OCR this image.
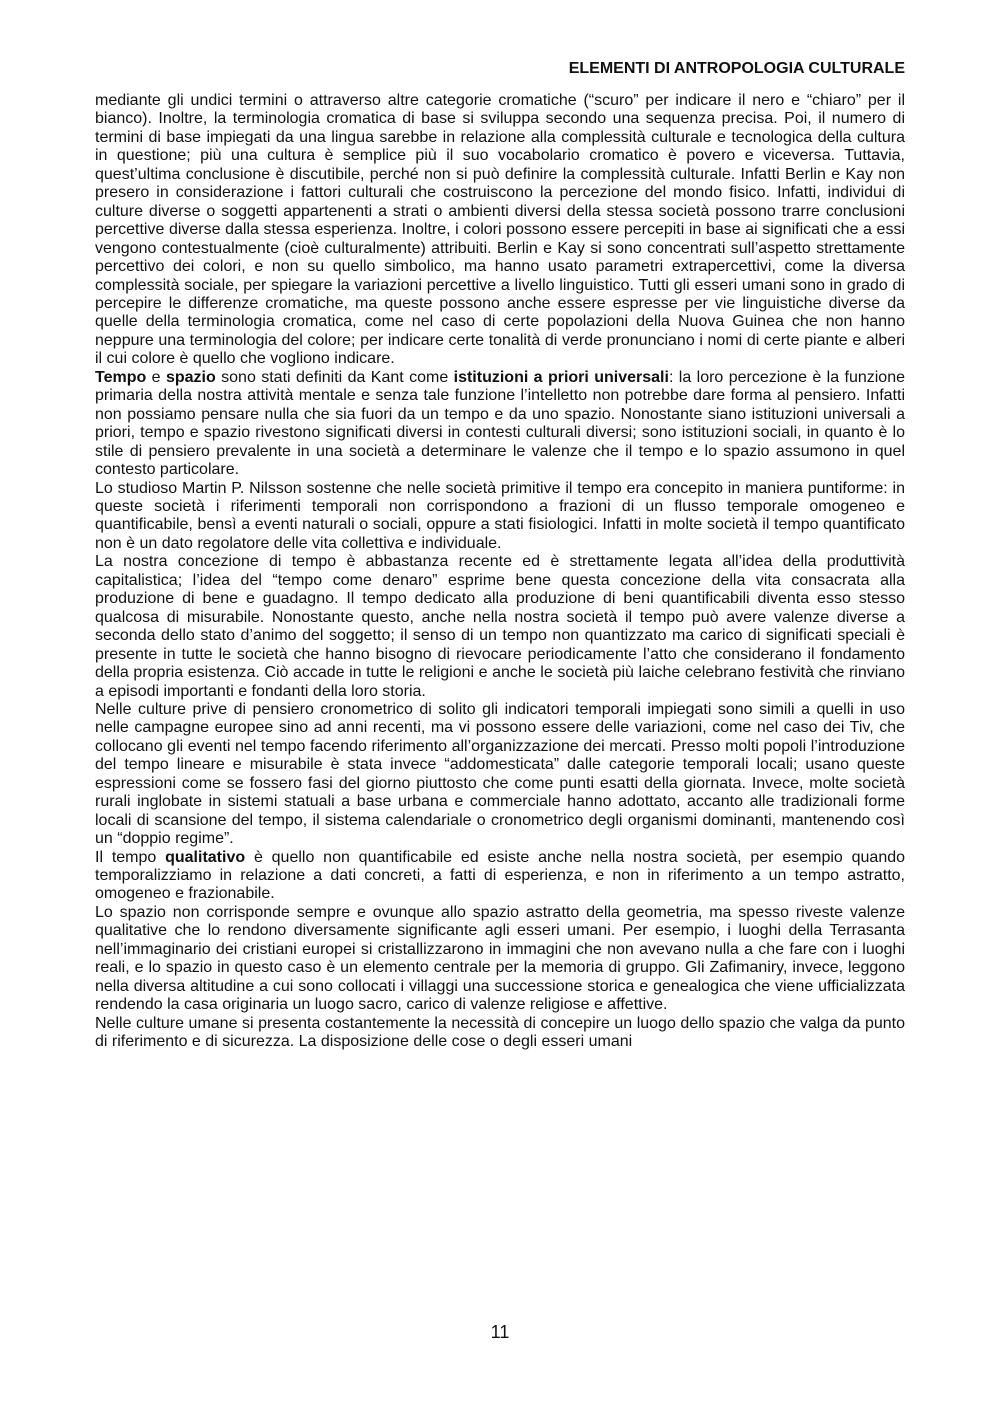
ELEMENTI DI ANTROPOLOGIA CULTURALE

mediante gli undici termini o attraverso altre categorie cromatiche (“scuro” per indicare il nero e “chiaro” per il bianco). Inoltre, la terminologia cromatica di base si sviluppa secondo una sequenza precisa. Poi, il numero di termini di base impiegati da una lingua sarebbe in relazione alla complessità culturale e tecnologica della cultura in questione; più una cultura è semplice più il suo vocabolario cromatico è povero e viceversa. Tuttavia, quest’ultima conclusione è discutibile, perché non si può definire la complessità culturale. Infatti Berlin e Kay non presero in considerazione i fattori culturali che costruiscono la percezione del mondo fisico. Infatti, individui di culture diverse o soggetti appartenenti a strati o ambienti diversi della stessa società possono trarre conclusioni percettive diverse dalla stessa esperienza. Inoltre, i colori possono essere percepiti in base ai significati che a essi vengono contestualmente (cioè culturalmente) attribuiti. Berlin e Kay si sono concentrati sull’aspetto strettamente percettivo dei colori, e non su quello simbolico, ma hanno usato parametri extrapercettivi, come la diversa complessità sociale, per spiegare la variazioni percettive a livello linguistico. Tutti gli esseri umani sono in grado di percepire le differenze cromatiche, ma queste possono anche essere espresse per vie linguistiche diverse da quelle della terminologia cromatica, come nel caso di certe popolazioni della Nuova Guinea che non hanno neppure una terminologia del colore; per indicare certe tonalità di verde pronunciano i nomi di certe piante e alberi il cui colore è quello che vogliono indicare.

Tempo e spazio sono stati definiti da Kant come istituzioni a priori universali: la loro percezione è la funzione primaria della nostra attività mentale e senza tale funzione l’intelletto non potrebbe dare forma al pensiero. Infatti non possiamo pensare nulla che sia fuori da un tempo e da uno spazio. Nonostante siano istituzioni universali a priori, tempo e spazio rivestono significati diversi in contesti culturali diversi; sono istituzioni sociali, in quanto è lo stile di pensiero prevalente in una società a determinare le valenze che il tempo e lo spazio assumono in quel contesto particolare.

Lo studioso Martin P. Nilsson sostenne che nelle società primitive il tempo era concepito in maniera puntiforme: in queste società i riferimenti temporali non corrispondono a frazioni di un flusso temporale omogeneo e quantificabile, bensì a eventi naturali o sociali, oppure a stati fisiologici. Infatti in molte società il tempo quantificato non è un dato regolatore delle vita collettiva e individuale.

La nostra concezione di tempo è abbastanza recente ed è strettamente legata all’idea della produttività capitalistica; l’idea del “tempo come denaro” esprime bene questa concezione della vita consacrata alla produzione di bene e guadagno. Il tempo dedicato alla produzione di beni quantificabili diventa esso stesso qualcosa di misurabile. Nonostante questo, anche nella nostra società il tempo può avere valenze diverse a seconda dello stato d’animo del soggetto; il senso di un tempo non quantizzato ma carico di significati speciali è presente in tutte le società che hanno bisogno di rievocare periodicamente l’atto che considerano il fondamento della propria esistenza. Ciò accade in tutte le religioni e anche le società più laiche celebrano festività che rinviano a episodi importanti e fondanti della loro storia.

Nelle culture prive di pensiero cronometrico di solito gli indicatori temporali impiegati sono simili a quelli in uso nelle campagne europee sino ad anni recenti, ma vi possono essere delle variazioni, come nel caso dei Tiv, che collocano gli eventi nel tempo facendo riferimento all’organizzazione dei mercati. Presso molti popoli l’introduzione del tempo lineare e misurabile è stata invece “addomesticata” dalle categorie temporali locali; usano queste espressioni come se fossero fasi del giorno piuttosto che come punti esatti della giornata. Invece, molte società rurali inglobate in sistemi statuali a base urbana e commerciale hanno adottato, accanto alle tradizionali forme locali di scansione del tempo, il sistema calendariale o cronometrico degli organismi dominanti, mantenendo così un “doppio regime”.

Il tempo qualitativo è quello non quantificabile ed esiste anche nella nostra società, per esempio quando temporalizziamo in relazione a dati concreti, a fatti di esperienza, e non in riferimento a un tempo astratto, omogeneo e frazionabile.

Lo spazio non corrisponde sempre e ovunque allo spazio astratto della geometria, ma spesso riveste valenze qualitative che lo rendono diversamente significante agli esseri umani. Per esempio, i luoghi della Terrasanta nell’immaginario dei cristiani europei si cristallizzarono in immagini che non avevano nulla a che fare con i luoghi reali, e lo spazio in questo caso è un elemento centrale per la memoria di gruppo. Gli Zafimaniry, invece, leggono nella diversa altitudine a cui sono collocati i villaggi una successione storica e genealogica che viene ufficializzata rendendo la casa originaria un luogo sacro, carico di valenze religiose e affettive.

Nelle culture umane si presenta costantemente la necessità di concepire un luogo dello spazio che valga da punto di riferimento e di sicurezza. La disposizione delle cose o degli esseri umani

11
